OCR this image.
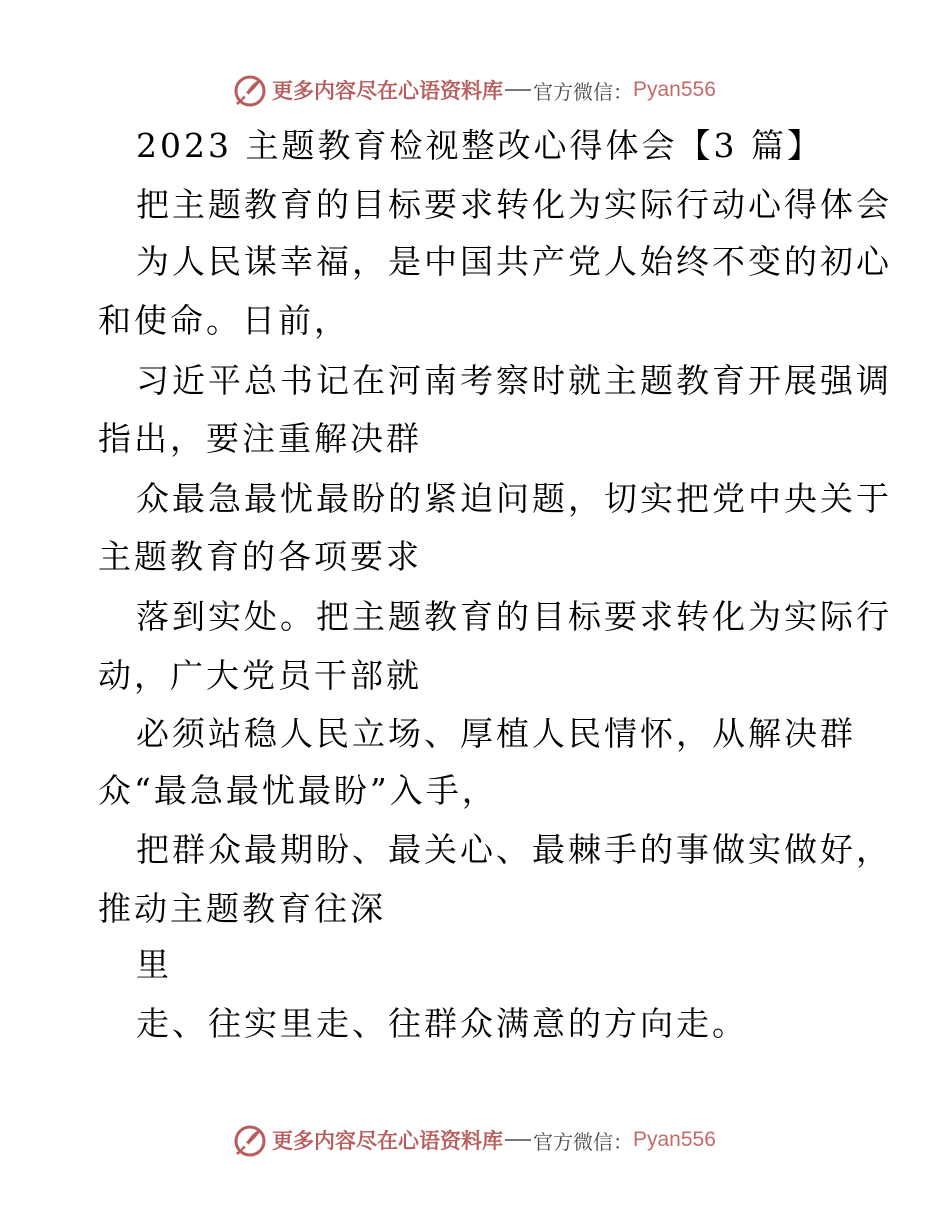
更多内容尽在心语资料库 官方微信： Pyan556
2023 主题教育检视整改心得体会【3 篇】
把主题教育的目标要求转化为实际行动心得体会
为人民谋幸福，是中国共产党人始终不变的初心
和使命。日前，
习近平总书记在河南考察时就主题教育开展强调
指出，要注重解决群
众最急最忧最盼的紧迫问题，切实把党中央关于
主题教育的各项要求
落到实处。把主题教育的目标要求转化为实际行
动，广大党员干部就
必须站稳人民立场、厚植人民情怀，从解决群
众“最急最忧最盼”入手，
把群众最期盼、最关心、最棘手的事做实做好，
推动主题教育往深
里
走、往实里走、往群众满意的方向走。
更多内容尽在心语资料库 官方微信： Pyan556
